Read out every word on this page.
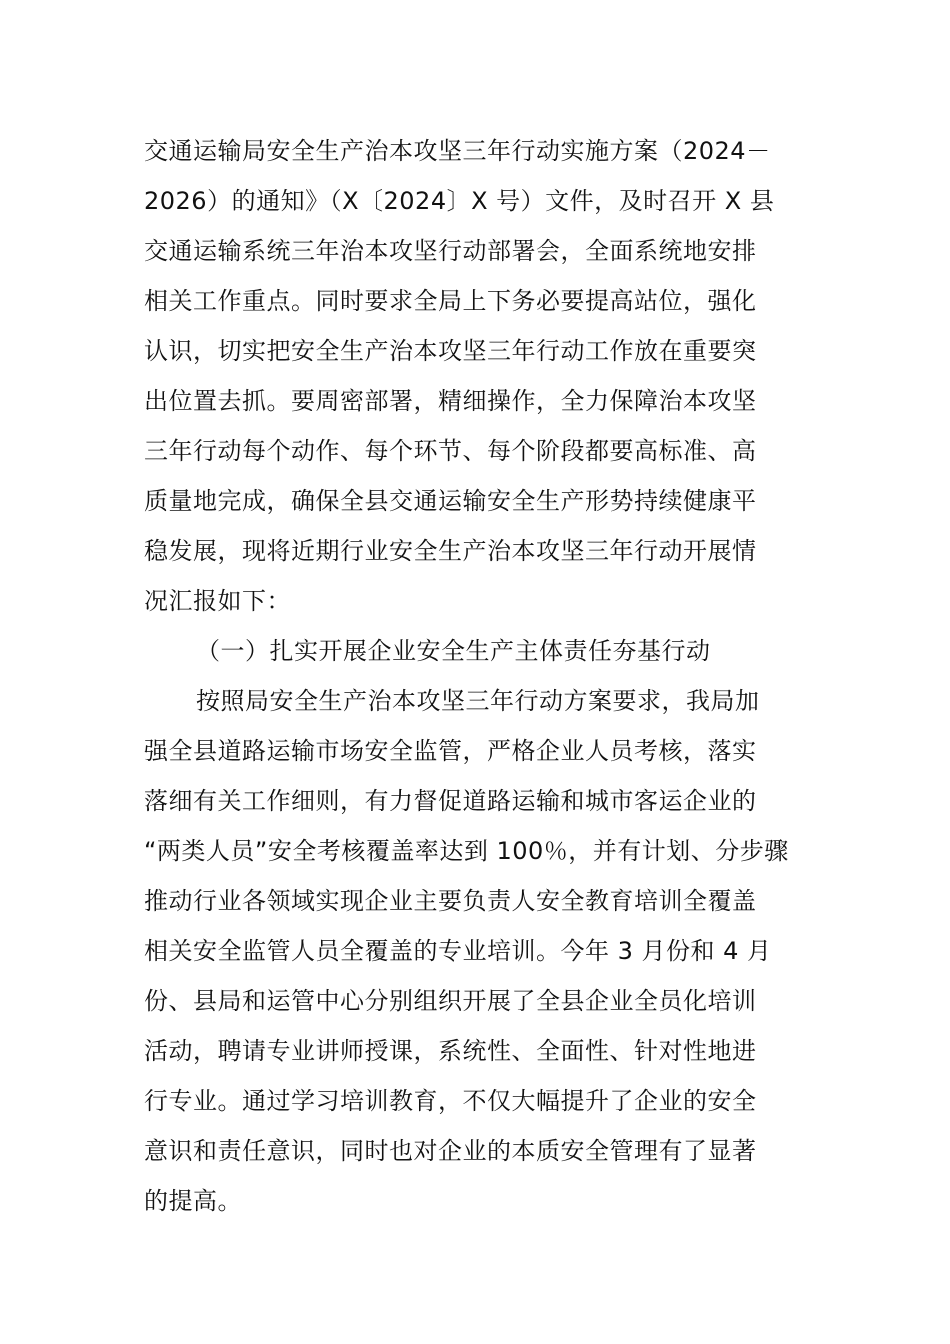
交通运输局安全生产治本攻坚三年行动实施方案（2024－
2026）的通知》（X〔2024〕X 号）文件，及时召开 X 县
交通运输系统三年治本攻坚行动部署会，全面系统地安排
相关工作重点。同时要求全局上下务必要提高站位，强化
认识，切实把安全生产治本攻坚三年行动工作放在重要突
出位置去抓。要周密部署，精细操作，全力保障治本攻坚
三年行动每个动作、每个环节、每个阶段都要高标准、高
质量地完成，确保全县交通运输安全生产形势持续健康平
稳发展，现将近期行业安全生产治本攻坚三年行动开展情
况汇报如下：
（一）扎实开展企业安全生产主体责任夯基行动
按照局安全生产治本攻坚三年行动方案要求，我局加
强全县道路运输市场安全监管，严格企业人员考核，落实
落细有关工作细则，有力督促道路运输和城市客运企业的
“两类人员”安全考核覆盖率达到 100％，并有计划、分步骤
推动行业各领域实现企业主要负责人安全教育培训全覆盖
相关安全监管人员全覆盖的专业培训。今年 3 月份和 4 月
份、县局和运管中心分别组织开展了全县企业全员化培训
活动，聘请专业讲师授课，系统性、全面性、针对性地进
行专业。通过学习培训教育，不仅大幅提升了企业的安全
意识和责任意识，同时也对企业的本质安全管理有了显著
的提高。
